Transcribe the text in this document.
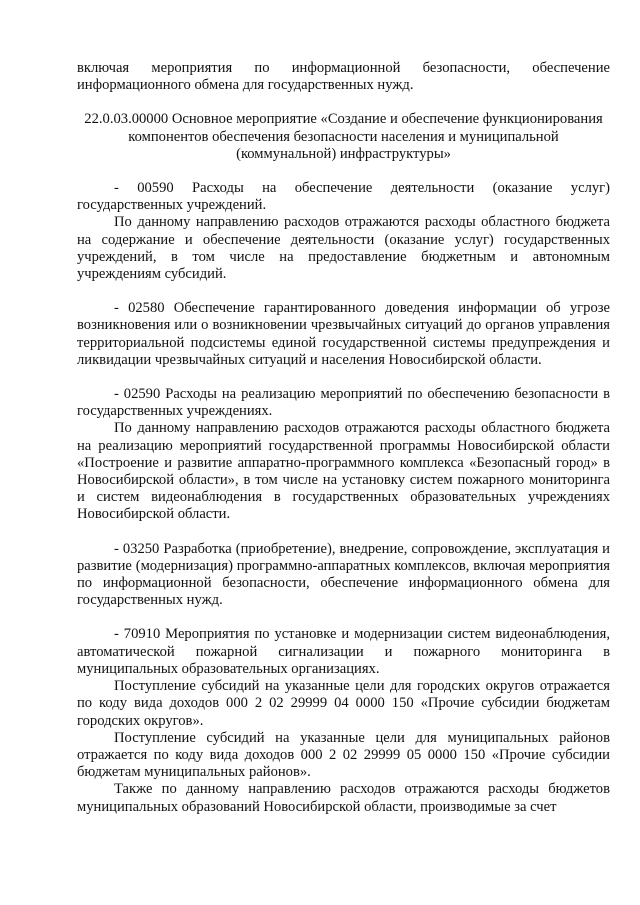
включая мероприятия по информационной безопасности, обеспечение информационного обмена для государственных нужд.

22.0.03.00000 Основное мероприятие «Создание и обеспечение функционирования компонентов обеспечения безопасности населения и муниципальной (коммунальной) инфраструктуры»

- 00590 Расходы на обеспечение деятельности (оказание услуг) государственных учреждений.

По данному направлению расходов отражаются расходы областного бюджета на содержание и обеспечение деятельности (оказание услуг) государственных учреждений, в том числе на предоставление бюджетным и автономным учреждениям субсидий.

- 02580 Обеспечение гарантированного доведения информации об угрозе возникновения или о возникновении чрезвычайных ситуаций до органов управления территориальной подсистемы единой государственной системы предупреждения и ликвидации чрезвычайных ситуаций и населения Новосибирской области.

- 02590 Расходы на реализацию мероприятий по обеспечению безопасности в государственных учреждениях.

По данному направлению расходов отражаются расходы областного бюджета на реализацию мероприятий государственной программы Новосибирской области «Построение и развитие аппаратно-программного комплекса «Безопасный город» в Новосибирской области», в том числе на установку систем пожарного мониторинга и систем видеонаблюдения в государственных образовательных учреждениях Новосибирской области.

- 03250 Разработка (приобретение), внедрение, сопровождение, эксплуатация и развитие (модернизация) программно-аппаратных комплексов, включая мероприятия по информационной безопасности, обеспечение информационного обмена для государственных нужд.

- 70910 Мероприятия по установке и модернизации систем видеонаблюдения, автоматической пожарной сигнализации и пожарного мониторинга в муниципальных образовательных организациях.

Поступление субсидий на указанные цели для городских округов отражается по коду вида доходов 000 2 02 29999 04 0000 150 «Прочие субсидии бюджетам городских округов».

Поступление субсидий на указанные цели для муниципальных районов отражается по коду вида доходов 000 2 02 29999 05 0000 150 «Прочие субсидии бюджетам муниципальных районов».

Также по данному направлению расходов отражаются расходы бюджетов муниципальных образований Новосибирской области, производимые за счет
